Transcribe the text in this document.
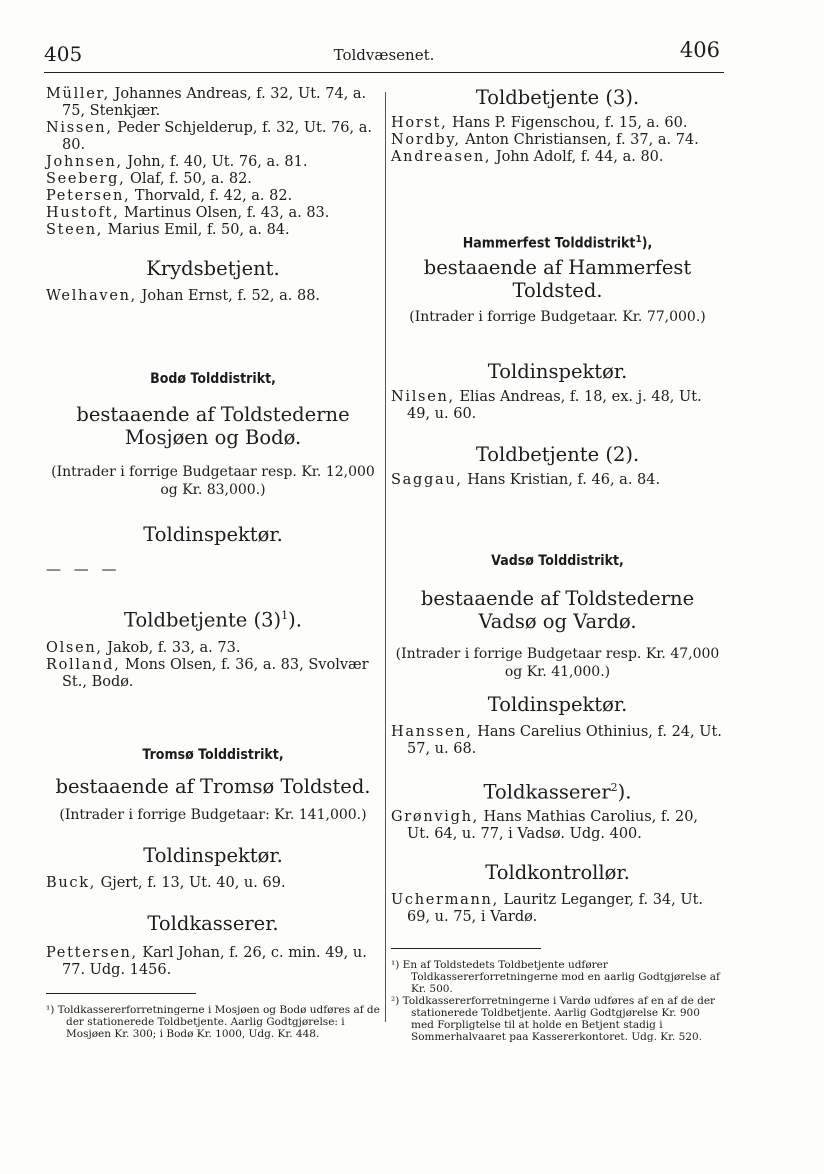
405	Toldvæsenet.	406
Müller, Johannes Andreas, f. 32, Ut. 74, a. 75, Stenkjær.
Nissen, Peder Schjelderup, f. 32, Ut. 76, a. 80.
Johnsen, John, f. 40, Ut. 76, a. 81.
Seeberg, Olaf, f. 50, a. 82.
Petersen, Thorvald, f. 42, a. 82.
Hustoft, Martinus Olsen, f. 43, a. 83.
Steen, Marius Emil, f. 50, a. 84.
Krydsbetjent.
Welhaven, Johan Ernst, f. 52, a. 88.
Bodø Tolddistrikt,
bestaaende af Toldstederne Mosjøen og Bodø.
(Intrader i forrige Budgetaar resp. Kr. 12,000 og Kr. 83,000.)
Toldinspektør.
— — —
Toldbetjente $(3)^1$).
Olsen, Jakob, f. 33, a. 73.
Rolland, Mons Olsen, f. 36, a. 83, Svolvær St., Bodø.
Tromsø Tolddistrikt,
bestaaende af Tromsø Toldsted.
(Intrader i forrige Budgetaar: Kr. 141,000.)
Toldinspektør.
Buck, Gjert, f. 13, Ut. 40, u. 69.
Toldkasserer.
Pettersen, Karl Johan, f. 26, c. min. 49, u. 77. Udg. 1456.
¹) Toldkassererforretningerne i Mosjøen og Bodø udføres af de der stationerede Toldbetjente. Aarlig Godtgjørelse: i Mosjøen Kr. 300; i Bodø Kr. 1000, Udg. Kr. 448.
Toldbetjente (3).
Horst, Hans P. Figenschou, f. 15, a. 60.
Nordby, Anton Christiansen, f. 37, a. 74.
Andreasen, John Adolf, f. 44, a. 80.
Hammerfest Tolddistrikt$^1$),
bestaaende af Hammerfest Toldsted.
(Intrader i forrige Budgetaar. Kr. 77,000.)
Toldinspektør.
Nilsen, Elias Andreas, f. 18, ex. j. 48, Ut. 49, u. 60.
Toldbetjente (2).
Saggau, Hans Kristian, f. 46, a. 84.
Vadsø Tolddistrikt,
bestaaende af Toldstederne Vadsø og Vardø.
(Intrader i forrige Budgetaar resp. Kr. 47,000 og Kr. 41,000.)
Toldinspektør.
Hanssen, Hans Carelius Othinius, f. 24, Ut. 57, u. 68.
Toldkasserer$^2$).
Grønvigh, Hans Mathias Carolius, f. 20, Ut. 64, u. 77, i Vadsø. Udg. 400.
Toldkontrollør.
Uchermann, Lauritz Leganger, f. 34, Ut. 69, u. 75, i Vardø.
¹) En af Toldstedets Toldbetjente udfører Toldkassererforretningerne mod en aarlig Godtgjørelse af Kr. 500.
²) Toldkassererforretningerne i Vardø udføres af en af de der stationerede Toldbetjente. Aarlig Godtgjørelse Kr. 900 med Forpligtelse til at holde en Betjent stadig i Sommerhalvaaret paa Kassererkontoret. Udg. Kr. 520.
